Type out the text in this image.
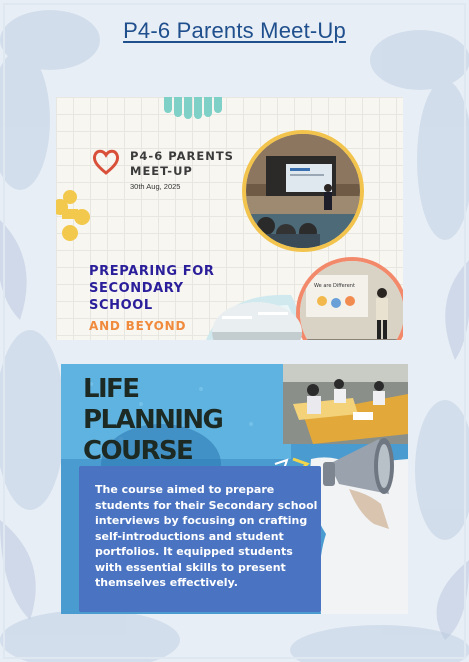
P4-6 Parents Meet-Up
P4-6 PARENTS MEET-UP
30th Aug, 2025
PREPARING FOR SECONDARY SCHOOL
AND BEYOND
We are Different
LIFE PLANNING COURSE
The course aimed to prepare students for their Secondary school interviews by focusing on crafting self-introductions and student portfolios. It equipped students with essential skills to present themselves effectively.
